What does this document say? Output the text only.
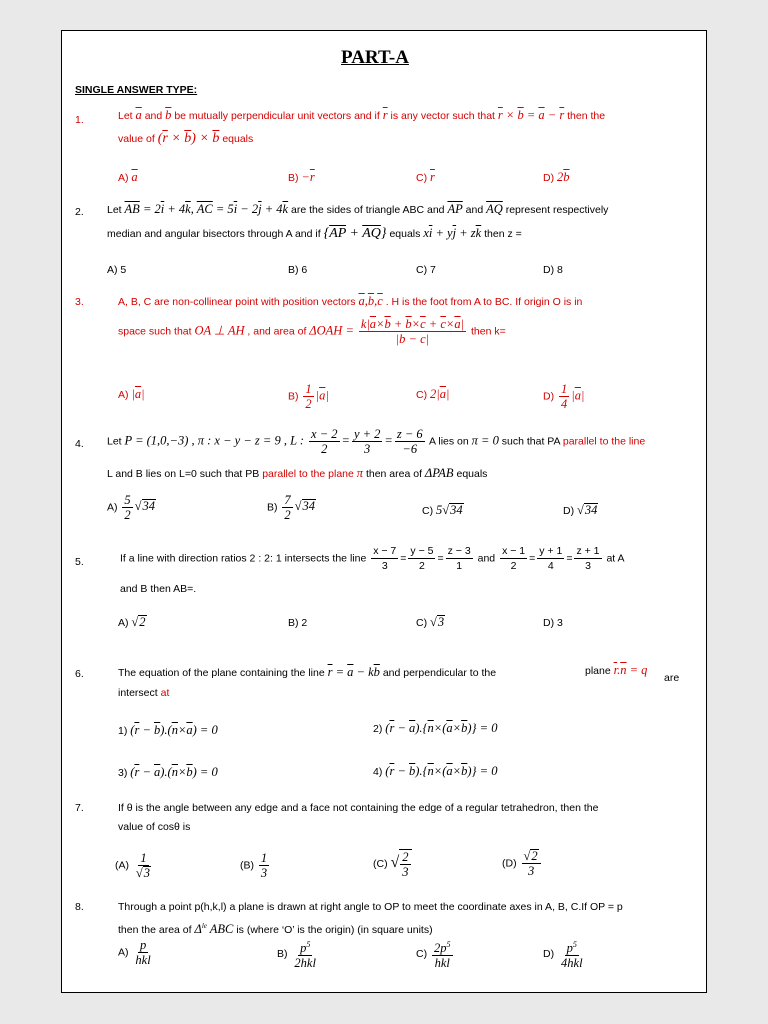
PART-A
SINGLE ANSWER TYPE:
1.	Let $\overline{a}$ and $\overline{b}$ be mutually perpendicular unit vectors and if $\overline{r}$ is any vector such that $\overline{r} \times \overline{b} = \overline{a} - \overline{r}$ then the
value of $(\overline{r} \times \overline{b}) \times \overline{b}$ equals
A) $\overline{a}$	$B) -\overline{r}$	C) $\overline{r}$	D) $2\overline{b}$
2. Let $\overline{AB} = 2\overline{i} + 4\overline{k}$, $\overline{AC} = 5\overline{i} - 2\overline{j} + 4\overline{k}$ are the sides of triangle ABC and $\overline{AP}$ and $\overline{AQ}$ represent respectively
median and angular bisectors through A and if $\{\overline{AP} + \overline{AQ}\}$ equals $x\overline{i} + y\overline{j} + z\overline{k}$ then z =
A) 5	B) 6	C) 7	D) 8
3.	A, B, C are non-collinear point with position vectors $\overline{a},\overline{b},\overline{c}$ . H is the foot from A to BC. If origin O is in
space such that OA ⊥ AH , and area of $\Delta OAH = \frac{k|\overline{a}\times\overline{b} + \overline{b}\times\overline{c} + \overline{c}\times\overline{a}|}{|\overline{b} - \overline{c}|}$ then k=
A) $|\overline{a}|$	$B) \frac{1}{2} |\overline{a}|$	C) $2|\overline{a}|$	$D) \frac{1}{4} |\overline{a}|$
4. Let P = (1,0,−3) , π : x − y − z = 9 , L : $\frac{x - 2}{2} = \frac{y + 2}{3} = \frac{z - 6}{-6}$ A lies on π = 0 such that PA parallel to the line
L and B lies on L=0 such that PB parallel to the plane π then area of ΔPAB equals
$A) \frac{5}{2} √34$	$B) \frac{7}{2} √34$	C) 5√34	D) √34
5.	If a line with direction ratios 2 : 2: 1 intersects the line $\frac{x - 7}{3} = \frac{y - 5}{2} = \frac{z - 3}{1}$ and $\frac{x - 1}{2} = \frac{y + 1}{4} = \frac{z + 1}{3}$ at A
and B then AB=.
A) √2	B) 2	C) √3	D) 3
6.	The equation of the plane containing the line $\overline{r} = \overline{a} - k\overline{b}$ and perpendicular to the	plane $\overline{r}.\overline{n} = q$
are
intersect at
1) $(\overline{r} - \overline{b}).(\overline{n}\times\overline{a}) = 0$	2) $(\overline{r} - \overline{a}).\{\overline{n}\times(\overline{a}\times\overline{b})\} = 0$
3) $(\overline{r} - \overline{a}).(\overline{n}\times\overline{b}) = 0$	4) $(\overline{r} - \overline{b}).\{\overline{n}\times(\overline{a}\times\overline{b})\} = 0$
7.	If θ is the angle between any edge and a face not containing the edge of a regular tetrahedron, then the
value of cosθ is
$(A) \frac{1}{√3}$	$(B) \frac{1}{3}$	(C) √ $\frac{2}{3}$	$(D) \frac{√2}{3}$
8.	Through a point p(h,k,l) a plane is drawn at right angle to OP to meet the coordinate axes in A, B, C.If OP = p
then the area of $\Delta^{le}$ ABC is (where ‘O’ is the origin) (in square units)
$A) \frac{p}{\text{hkl}}$	$B) \frac{p^5}{\text{2hkl}}$	$C) \frac{2p^5}{\text{hkl}}$	$D) \frac{p^5}{\text{4hkl}}$
